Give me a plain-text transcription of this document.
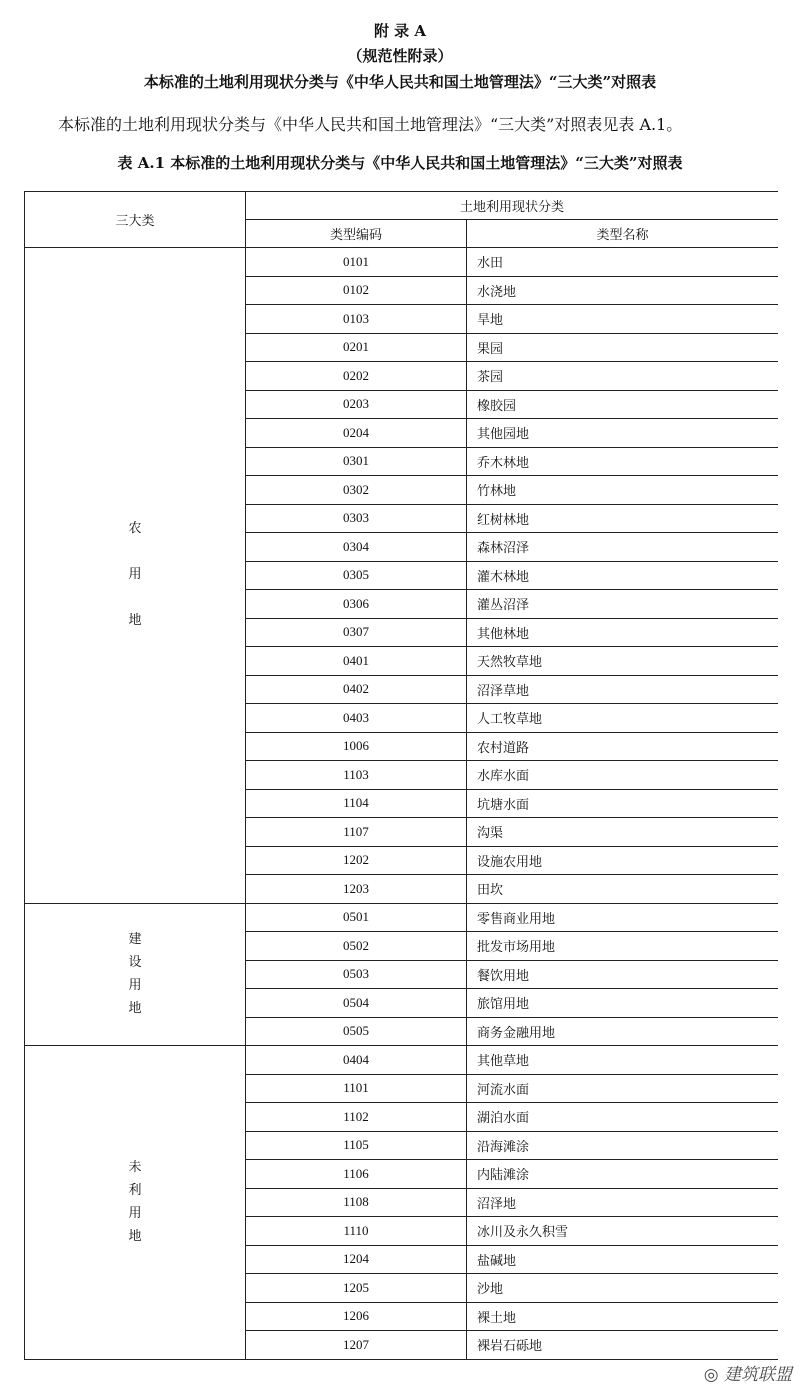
附 录 A
（规范性附录）
本标准的土地利用现状分类与《中华人民共和国土地管理法》“三大类”对照表
本标准的土地利用现状分类与《中华人民共和国土地管理法》“三大类”对照表见表 A.1。
表 A.1 本标准的土地利用现状分类与《中华人民共和国土地管理法》“三大类”对照表
三大类	土地利用现状分类	
	类型编码	类型名称

农
用
地	0101	水田
	0102	水浇地
	0103	旱地
	0201	果园
	0202	茶园
	0203	橡胶园
	0204	其他园地
	0301	乔木林地
	0302	竹林地
	0303	红树林地
	0304	森林沼泽
	0305	灌木林地
	0306	灌丛沼泽
	0307	其他林地
	0401	天然牧草地
	0402	沼泽草地
	0403	人工牧草地
	1006	农村道路
	1103	水库水面
	1104	坑塘水面
	1107	沟渠
	1202	设施农用地
	1203	田坎

建
设
用
地	0501	零售商业用地
	0502	批发市场用地
	0503	餐饮用地
	0504	旅馆用地
	0505	商务金融用地

未
利
用
地	0404	其他草地
	1101	河流水面
	1102	湖泊水面
	1105	沿海滩涂
	1106	内陆滩涂
	1108	沼泽地
	1110	冰川及永久积雪
	1204	盐碱地
	1205	沙地
	1206	裸土地
	1207	裸岩石砾地
◎ 建筑联盟
